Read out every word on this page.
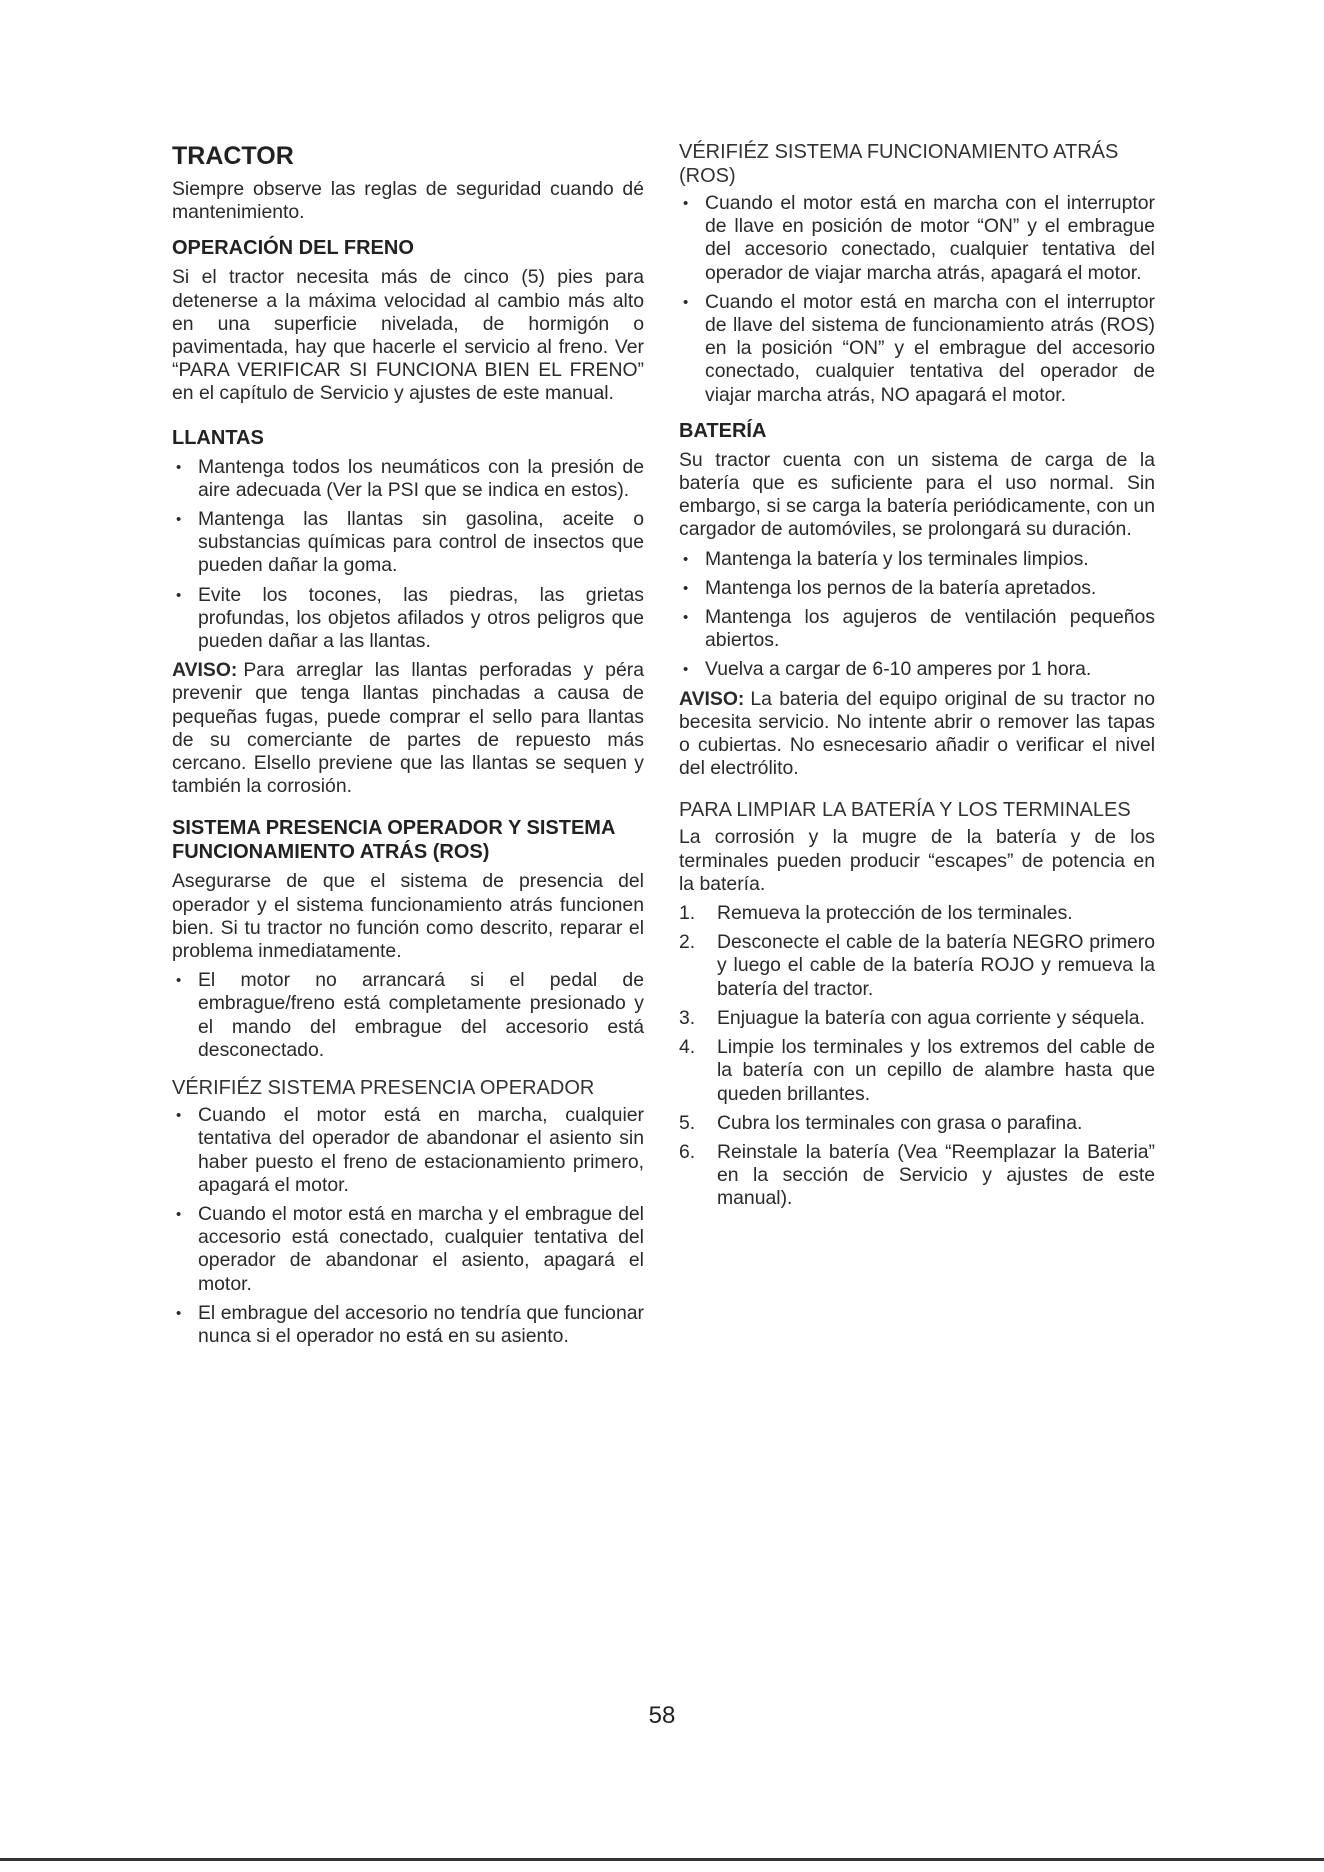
TRACTOR

Siempre observe las reglas de seguridad cuando dé mantenimiento.

OPERACIÓN DEL FRENO

Si el tractor necesita más de cinco (5) pies para detenerse a la máxima velocidad al cambio más alto en una superficie nivelada, de hormigón o pavimentada, hay que hacerle el servicio al freno. Ver “PARA VERIFICAR SI FUNCIONA BIEN EL FRENO” en el capítulo de Servicio y ajustes de este manual.

LLANTAS
• Mantenga todos los neumáticos con la presión de aire adecuada (Ver la PSI que se indica en estos).
• Mantenga las llantas sin gasolina, aceite o substancias químicas para control de insectos que pueden dañar la goma.
• Evite los tocones, las piedras, las grietas profundas, los objetos afilados y otros peligros que pueden dañar a las llantas.

AVISO: Para arreglar las llantas perforadas y péra prevenir que tenga llantas pinchadas a causa de pequeñas fugas, puede comprar el sello para llantas de su comerciante de partes de repuesto más cercano. Elsello previene que las llantas se sequen y también la corrosión.

SISTEMA PRESENCIA OPERADOR Y SISTEMA FUNCIONAMIENTO ATRÁS (ROS)

Asegurarse de que el sistema de presencia del operador y el sistema funcionamiento atrás funcionen bien. Si tu tractor no función como descrito, reparar el problema inmediatamente.

• El motor no arrancará si el pedal de embrague/freno está completamente presionado y el mando del embrague del accesorio está desconectado.
VÉRIFIÉZ SISTEMA PRESENCIA OPERADOR
• Cuando el motor está en marcha, cualquier tentativa del operador de abandonar el asiento sin haber puesto el freno de estacionamiento primero, apagará el motor.
• Cuando el motor está en marcha y el embrague del accesorio está conectado, cualquier tentativa del operador de abandonar el asiento, apagará el motor.
• El embrague del accesorio no tendría que funcionar nunca si el operador no está en su asiento.
VÉRIFIÉZ SISTEMA FUNCIONAMIENTO ATRÁS (ROS)
• Cuando el motor está en marcha con el interruptor de llave en posición de motor “ON” y el embrague del accesorio conectado, cualquier tentativa del operador de viajar marcha atrás, apagará el motor.
• Cuando el motor está en marcha con el interruptor de llave del sistema de funcionamiento atrás (ROS) en la posición “ON” y el embrague del accesorio conectado, cualquier tentativa del operador de viajar marcha atrás, NO apagará el motor.
BATERÍA

Su tractor cuenta con un sistema de carga de la batería que es suficiente para el uso normal. Sin embargo, si se carga la batería periódicamente, con un cargador de automóviles, se prolongará su duración.

• Mantenga la batería y los terminales limpios.
• Mantenga los pernos de la batería apretados.
• Mantenga los agujeros de ventilación pequeños abiertos.
• Vuelva a cargar de 6-10 amperes por 1 hora.

AVISO: La bateria del equipo original de su tractor no becesita servicio. No intente abrir o remover las tapas o cubiertas. No esnecesario añadir o verificar el nivel del electrólito.

PARA LIMPIAR LA BATERÍA Y LOS TERMINALES

La corrosión y la mugre de la batería y de los terminales pueden producir “escapes” de potencia en la batería.

1.	Remueva la protección de los terminales.
2.	Desconecte el cable de la batería NEGRO primero y luego el cable de la batería ROJO y remueva la batería del tractor.
3.	Enjuague la batería con agua corriente y séquela.
4.	Limpie los terminales y los extremos del cable de la batería con un cepillo de alambre hasta que queden brillantes.
5.	Cubra los terminales con grasa o parafina.
6.	Reinstale la batería (Vea “Reemplazar la Bateria” en la sección de Servicio y ajustes de este manual).
58
